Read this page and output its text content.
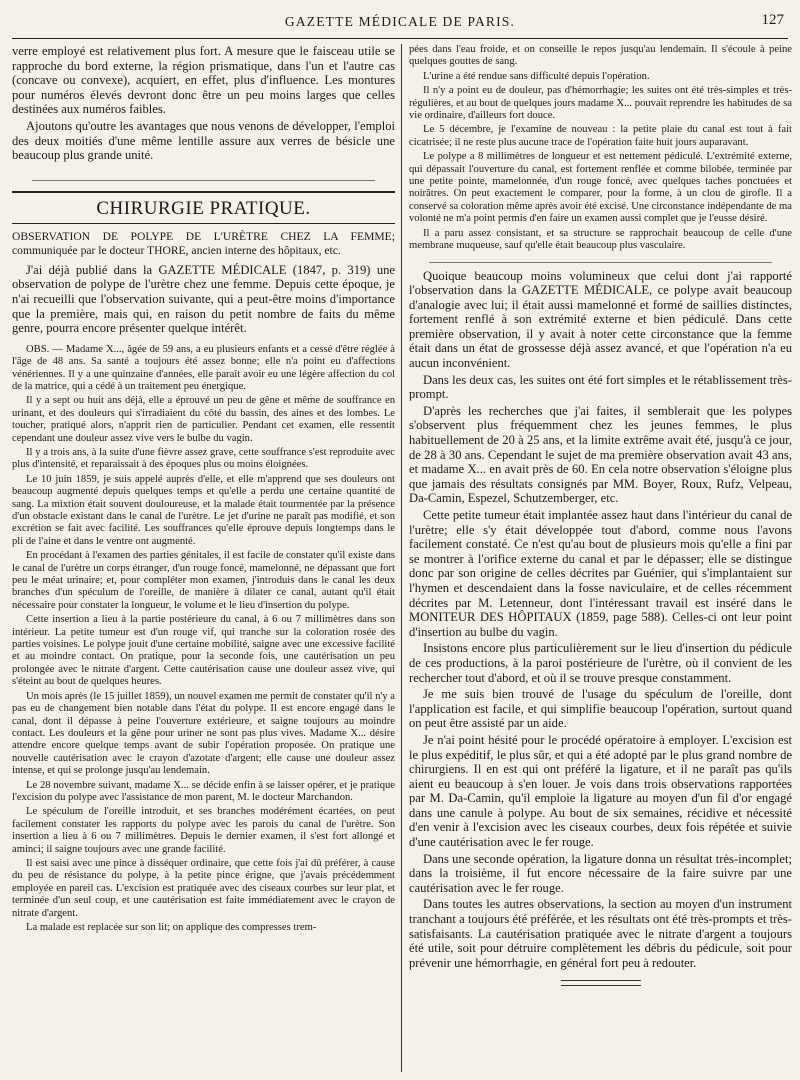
GAZETTE MÉDICALE DE PARIS.	127

verre employé est relativement plus fort. A mesure que le faisceau utile se rapproche du bord externe, la région prismatique, dans l'un et l'autre cas (concave ou convexe), acquiert, en effet, plus d'influence. Les montures pour numéros élevés devront donc être un peu moins larges que celles destinées aux numéros faibles.

Ajoutons qu'outre les avantages que nous venons de développer, l'emploi des deux moitiés d'une même lentille assure aux verres de bésicle une beaucoup plus grande unité.

CHIRURGIE PRATIQUE.

OBSERVATION DE POLYPE DE L'URÈTRE CHEZ LA FEMME; communiquée par le docteur THORE, ancien interne des hôpitaux, etc.

J'ai déjà publié dans la GAZETTE MÉDICALE (1847, p. 319) une observation de polype de l'urètre chez une femme. Depuis cette époque, je n'ai recueilli que l'observation suivante, qui a peut-être moins d'importance que la première, mais qui, en raison du petit nombre de faits du même genre, pourra encore présenter quelque intérêt.

OBS. — Madame X..., âgée de 59 ans, a eu plusieurs enfants et a cessé d'être réglée à l'âge de 48 ans. Sa santé a toujours été assez bonne; elle n'a point eu d'affections vénériennes. Il y a une quinzaine d'années, elle paraît avoir eu une légère affection du col de la matrice, qui a cédé à un traitement peu énergique.

Il y a sept ou huit ans déjà, elle a éprouvé un peu de gêne et même de souffrance en urinant, et des douleurs qui s'irradiaient du côté du bassin, des aines et des lombes. Le toucher, pratiqué alors, n'apprit rien de particulier. Pendant cet examen, elle ressentit cependant une douleur assez vive vers le bulbe du vagin.

Il y a trois ans, à la suite d'une fièvre assez grave, cette souffrance s'est reproduite avec plus d'intensité, et reparaissait à des époques plus ou moins éloignées.

Le 10 juin 1859, je suis appelé auprès d'elle, et elle m'apprend que ses douleurs ont beaucoup augmenté depuis quelques temps et qu'elle a perdu une certaine quantité de sang. La mixtion était souvent douloureuse, et la malade était tourmentée par la présence d'un obstacle existant dans le canal de l'urètre. Le jet d'urine ne paraît pas modifié, et son excrétion se fait avec facilité. Les souffrances qu'elle éprouve depuis longtemps dans le pli de l'aine et dans le ventre ont augmenté.

En procédant à l'examen des parties génitales, il est facile de constater qu'il existe dans le canal de l'urètre un corps étranger, d'un rouge foncé, mamelonné, ne dépassant que fort peu le méat urinaire; et, pour compléter mon examen, j'introduis dans le canal les deux branches d'un spéculum de l'oreille, de manière à dilater ce canal, autant qu'il était nécessaire pour constater la longueur, le volume et le lieu d'insertion du polype.

Cette insertion a lieu à la partie postérieure du canal, à 6 ou 7 millimètres dans son intérieur. La petite tumeur est d'un rouge vif, qui tranche sur la coloration rosée des parties voisines. Le polype jouit d'une certaine mobilité, saigne avec une excessive facilité et au moindre contact. On pratique, pour la seconde fois, une cautérisation un peu prolongée avec le nitrate d'argent. Cette cautérisation cause une douleur assez vive, qui s'éteint au bout de quelques heures.

Un mois après (le 15 juillet 1859), un nouvel examen me permit de constater qu'il n'y a pas eu de changement bien notable dans l'état du polype. Il est encore engagé dans le canal, dont il dépasse à peine l'ouverture extérieure, et saigne toujours au moindre contact. Les douleurs et la gêne pour uriner ne sont pas plus vives. Madame X... désire attendre encore quelque temps avant de subir l'opération proposée. On pratique une nouvelle cautérisation avec le crayon d'azotate d'argent; elle cause une douleur assez intense, et qui se prolonge jusqu'au lendemain.

Le 28 novembre suivant, madame X... se décide enfin à se laisser opérer, et je pratique l'excision du polype avec l'assistance de mon parent, M. le docteur Marchandon.

Le spéculum de l'oreille introduit, et ses branches modérément écartées, on peut facilement constater les rapports du polype avec les parois du canal de l'urètre. Son insertion a lieu à 6 ou 7 millimètres. Depuis le dernier examen, il s'est fort allongé et aminci; il saigne toujours avec une grande facilité.

Il est saisi avec une pince à disséquer ordinaire, que cette fois j'ai dû préférer, à cause du peu de résistance du polype, à la petite pince érigne, que j'avais précédemment employée en pareil cas. L'excision est pratiquée avec des ciseaux courbes sur leur plat, et terminée d'un seul coup, et une cautérisation est faite immédiatement avec le crayon de nitrate d'argent.

La malade est replacée sur son lit; on applique des compresses trem-

pées dans l'eau froide, et on conseille le repos jusqu'au lendemain. Il s'écoule à peine quelques gouttes de sang.

L'urine a été rendue sans difficulté depuis l'opération.

Il n'y a point eu de douleur, pas d'hémorrhagie; les suites ont été très-simples et très-régulières, et au bout de quelques jours madame X... pouvait reprendre les habitudes de sa vie ordinaire, d'ailleurs fort douce.

Le 5 décembre, je l'examine de nouveau : la petite plaie du canal est tout à fait cicatrisée; il ne reste plus aucune trace de l'opération faite huit jours auparavant.

Le polype a 8 millimètres de longueur et est nettement pédiculé. L'extrémité externe, qui dépassait l'ouverture du canal, est fortement renflée et comme bilobée, terminée par une petite pointe, mamelonnée, d'un rouge foncé, avec quelques taches ponctuées et noirâtres. On peut exactement le comparer, pour la forme, à un clou de girofle. Il a conservé sa coloration même après avoir été excisé. Une circonstance indépendante de ma volonté ne m'a point permis d'en faire un examen aussi complet que je l'eusse désiré.

Il a paru assez consistant, et sa structure se rapprochait beaucoup de celle d'une membrane muqueuse, sauf qu'elle était beaucoup plus vasculaire.

Quoique beaucoup moins volumineux que celui dont j'ai rapporté l'observation dans la GAZETTE MÉDICALE, ce polype avait beaucoup d'analogie avec lui; il était aussi mamelonné et formé de saillies distinctes, fortement renflé à son extrémité externe et bien pédiculé. Dans cette première observation, il y avait à noter cette circonstance que la femme était dans un état de grossesse déjà assez avancé, et que l'opération n'a eu aucun inconvénient.

Dans les deux cas, les suites ont été fort simples et le rétablissement très-prompt.

D'après les recherches que j'ai faites, il semblerait que les polypes s'observent plus fréquemment chez les jeunes femmes, le plus habituellement de 20 à 25 ans, et la limite extrême avait été, jusqu'à ce jour, de 28 à 30 ans. Cependant le sujet de ma première observation avait 43 ans, et madame X... en avait près de 60. En cela notre observation s'éloigne plus que jamais des résultats consignés par MM. Boyer, Roux, Rufz, Velpeau, Da-Camin, Espezel, Schutzemberger, etc.

Cette petite tumeur était implantée assez haut dans l'intérieur du canal de l'urètre; elle s'y était développée tout d'abord, comme nous l'avons facilement constaté. Ce n'est qu'au bout de plusieurs mois qu'elle a fini par se montrer à l'orifice externe du canal et par le dépasser; elle se distingue donc par son origine de celles décrites par Guénier, qui s'implantaient sur l'hymen et descendaient dans la fosse naviculaire, et de celles récemment décrites par M. Letenneur, dont l'intéressant travail est inséré dans le MONITEUR DES HÔPITAUX (1859, page 588). Celles-ci ont leur point d'insertion au bulbe du vagin.

Insistons encore plus particulièrement sur le lieu d'insertion du pédicule de ces productions, à la paroi postérieure de l'urètre, où il convient de les rechercher tout d'abord, et où il se trouve presque constamment.

Je me suis bien trouvé de l'usage du spéculum de l'oreille, dont l'application est facile, et qui simplifie beaucoup l'opération, surtout quand on peut être assisté par un aide.

Je n'ai point hésité pour le procédé opératoire à employer. L'excision est le plus expéditif, le plus sûr, et qui a été adopté par le plus grand nombre de chirurgiens. Il en est qui ont préféré la ligature, et il ne paraît pas qu'ils aient eu beaucoup à s'en louer. Je vois dans trois observations rapportées par M. Da-Camin, qu'il emploie la ligature au moyen d'un fil d'or engagé dans une canule à polype. Au bout de six semaines, récidive et nécessité d'en venir à l'excision avec les ciseaux courbes, deux fois répétée et suivie d'une cautérisation avec le fer rouge.

Dans une seconde opération, la ligature donna un résultat très-incomplet; dans la troisième, il fut encore nécessaire de la faire suivre par une cautérisation avec le fer rouge.

Dans toutes les autres observations, la section au moyen d'un instrument tranchant a toujours été préférée, et les résultats ont été très-prompts et très-satisfaisants. La cautérisation pratiquée avec le nitrate d'argent a toujours été utile, soit pour détruire complètement les débris du pédicule, soit pour prévenir une hémorrhagie, en général fort peu à redouter.
